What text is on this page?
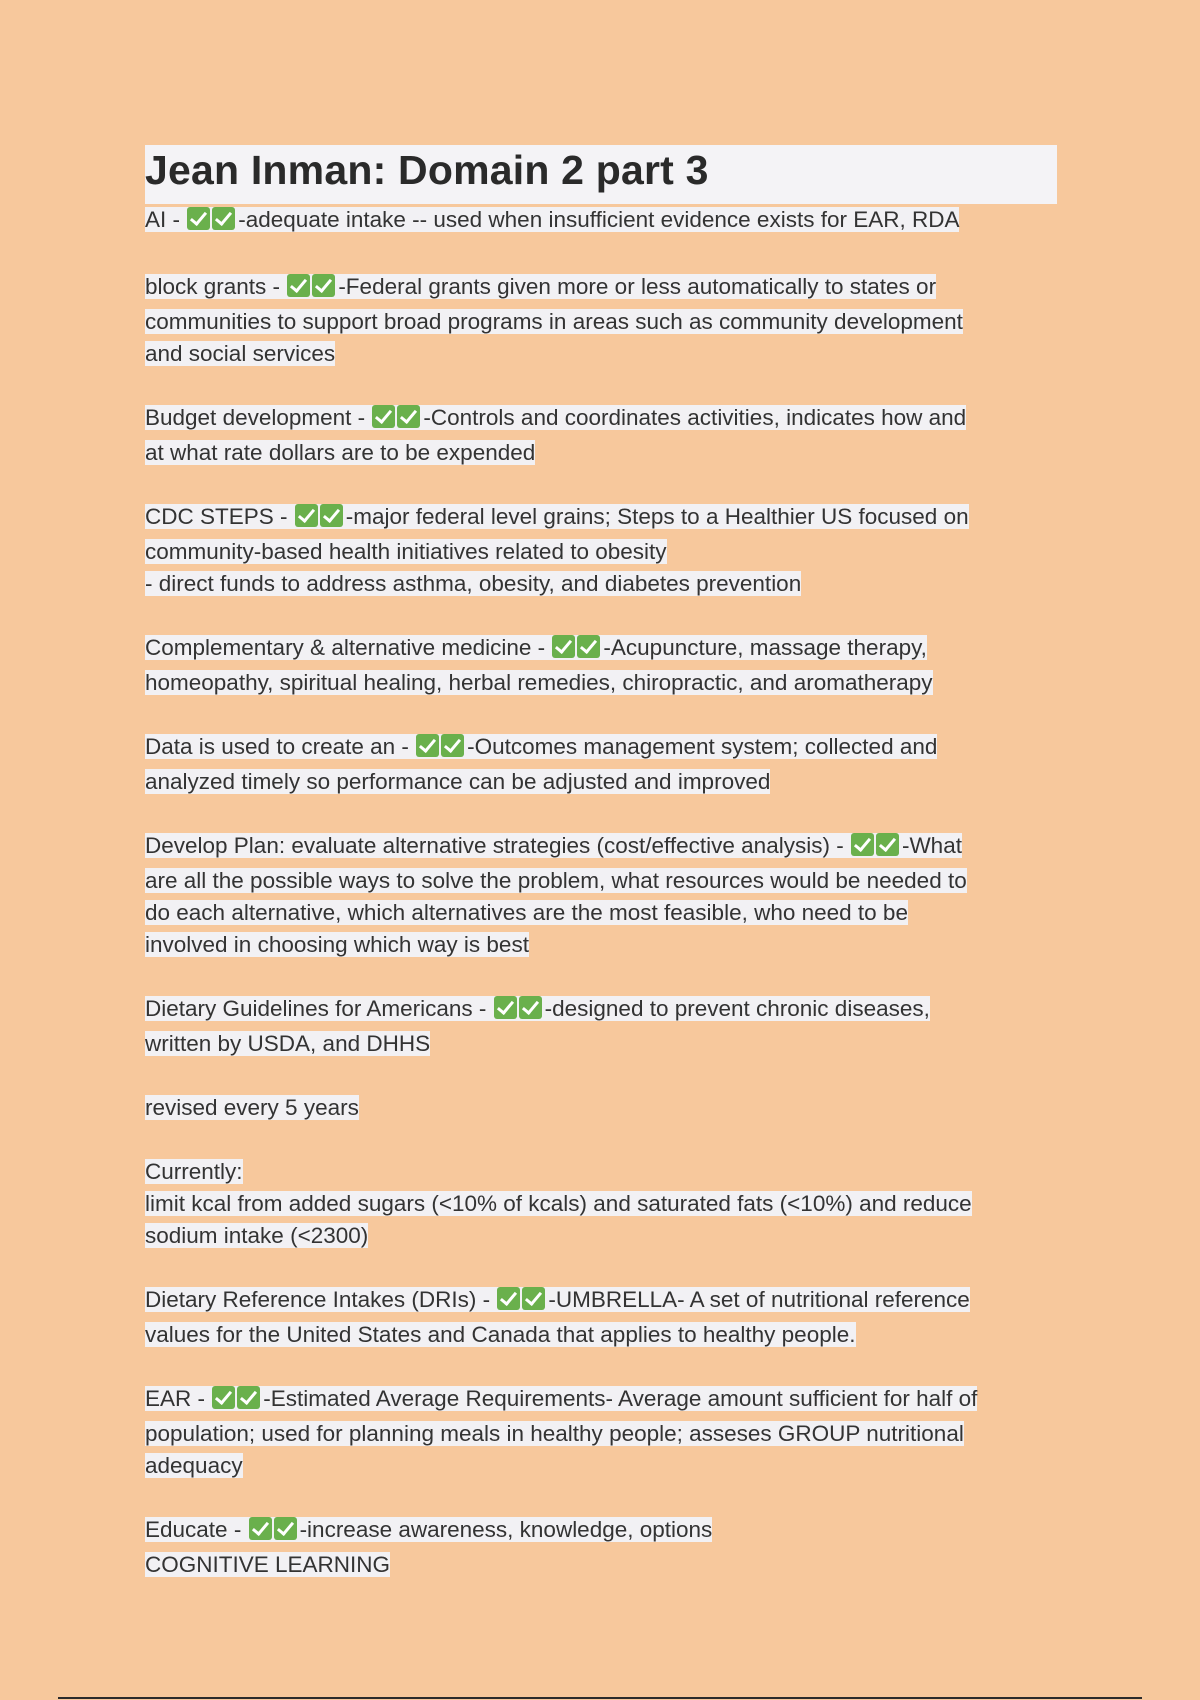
Jean Inman: Domain 2 part 3
AI - -adequate intake -- used when insufficient evidence exists for EAR, RDA
block grants - -Federal grants given more or less automatically to states or
communities to support broad programs in areas such as community development
and social services
Budget development - -Controls and coordinates activities, indicates how and
at what rate dollars are to be expended
CDC STEPS - -major federal level grains; Steps to a Healthier US focused on
community-based health initiatives related to obesity
- direct funds to address asthma, obesity, and diabetes prevention
Complementary & alternative medicine - -Acupuncture, massage therapy,
homeopathy, spiritual healing, herbal remedies, chiropractic, and aromatherapy
Data is used to create an - -Outcomes management system; collected and
analyzed timely so performance can be adjusted and improved
Develop Plan: evaluate alternative strategies (cost/effective analysis) - -What
are all the possible ways to solve the problem, what resources would be needed to
do each alternative, which alternatives are the most feasible, who need to be
involved in choosing which way is best
Dietary Guidelines for Americans - -designed to prevent chronic diseases,
written by USDA, and DHHS
revised every 5 years
Currently:
limit kcal from added sugars (<10% of kcals) and saturated fats (<10%) and reduce
sodium intake (<2300)
Dietary Reference Intakes (DRIs) - -UMBRELLA- A set of nutritional reference
values for the United States and Canada that applies to healthy people.
EAR - -Estimated Average Requirements- Average amount sufficient for half of
population; used for planning meals in healthy people; asseses GROUP nutritional
adequacy
Educate - -increase awareness, knowledge, options
COGNITIVE LEARNING
